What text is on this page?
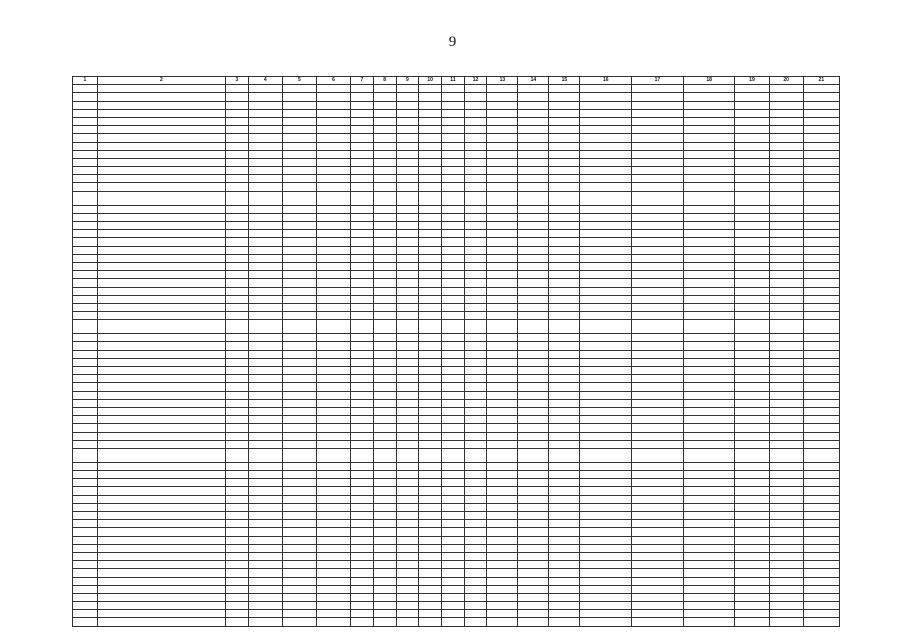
9
1	2	3	4	5	6	7	8	9	10	11	12	13	14	15	16	17	18	19	20	21
